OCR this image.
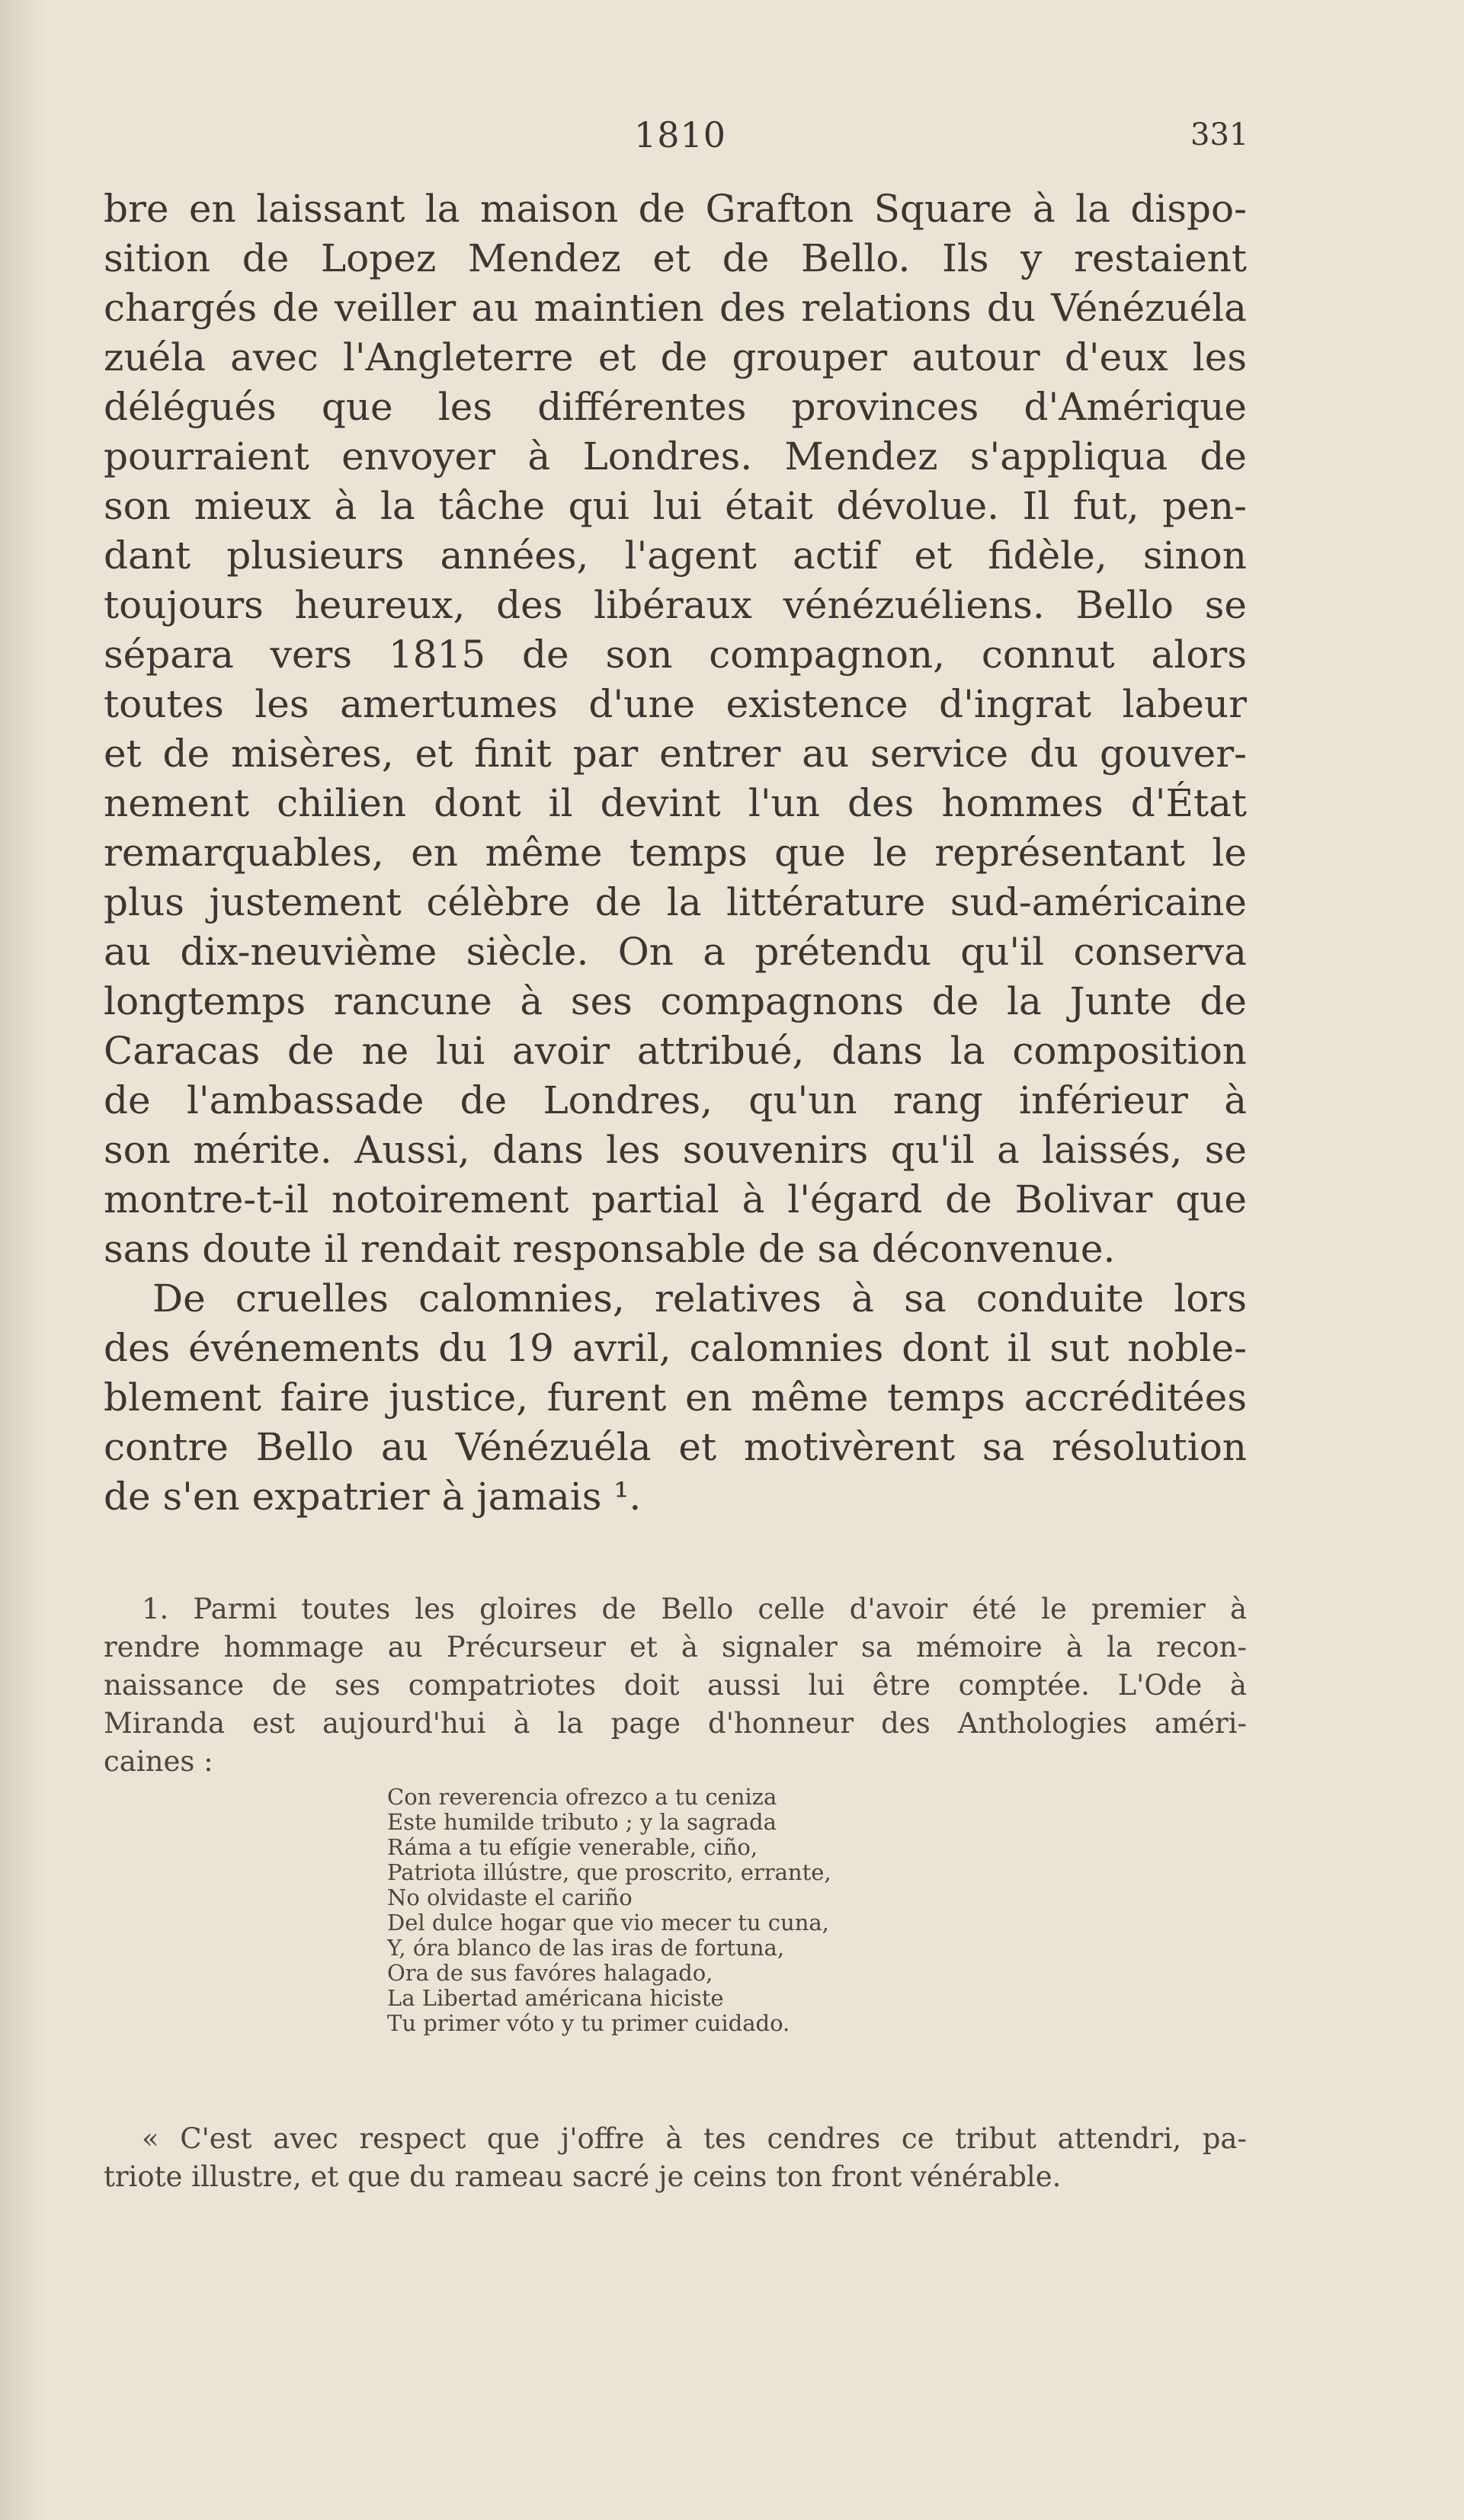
1810	331
bre en laissant la maison de Grafton Square à la dispo-
sition de Lopez Mendez et de Bello. Ils y restaient
chargés de veiller au maintien des relations du Vénézuéla
zuéla avec l'Angleterre et de grouper autour d'eux les
délégués que les différentes provinces d'Amérique
pourraient envoyer à Londres. Mendez s'appliqua de
son mieux à la tâche qui lui était dévolue. Il fut, pen-
dant plusieurs années, l'agent actif et fidèle, sinon
toujours heureux, des libéraux vénézuéliens. Bello se
sépara vers 1815 de son compagnon, connut alors
toutes les amertumes d'une existence d'ingrat labeur
et de misères, et finit par entrer au service du gouver-
nement chilien dont il devint l'un des hommes d'État
remarquables, en même temps que le représentant le
plus justement célèbre de la littérature sud-américaine
au dix-neuvième siècle. On a prétendu qu'il conserva
longtemps rancune à ses compagnons de la Junte de
Caracas de ne lui avoir attribué, dans la composition
de l'ambassade de Londres, qu'un rang inférieur à
son mérite. Aussi, dans les souvenirs qu'il a laissés, se
montre-t-il notoirement partial à l'égard de Bolivar que
sans doute il rendait responsable de sa déconvenue.
De cruelles calomnies, relatives à sa conduite lors
des événements du 19 avril, calomnies dont il sut noble-
blement faire justice, furent en même temps accréditées
contre Bello au Vénézuéla et motivèrent sa résolution
de s'en expatrier à jamais ¹.
1. Parmi toutes les gloires de Bello celle d'avoir été le premier à
rendre hommage au Précurseur et à signaler sa mémoire à la recon-
naissance de ses compatriotes doit aussi lui être comptée. L'Ode à
Miranda est aujourd'hui à la page d'honneur des Anthologies améri-
caines :
Con reverencia ofrezco a tu ceniza
Este humilde tributo ; y la sagrada
Ráma a tu efígie venerable, ciño,
Patriota illústre, que proscrito, errante,
No olvidaste el cariño
Del dulce hogar que vio mecer tu cuna,
Y, óra blanco de las iras de fortuna,
Ora de sus favóres halagado,
La Libertad américana hiciste
Tu primer vóto y tu primer cuidado.
« C'est avec respect que j'offre à tes cendres ce tribut attendri, pa-
triote illustre, et que du rameau sacré je ceins ton front vénérable.
